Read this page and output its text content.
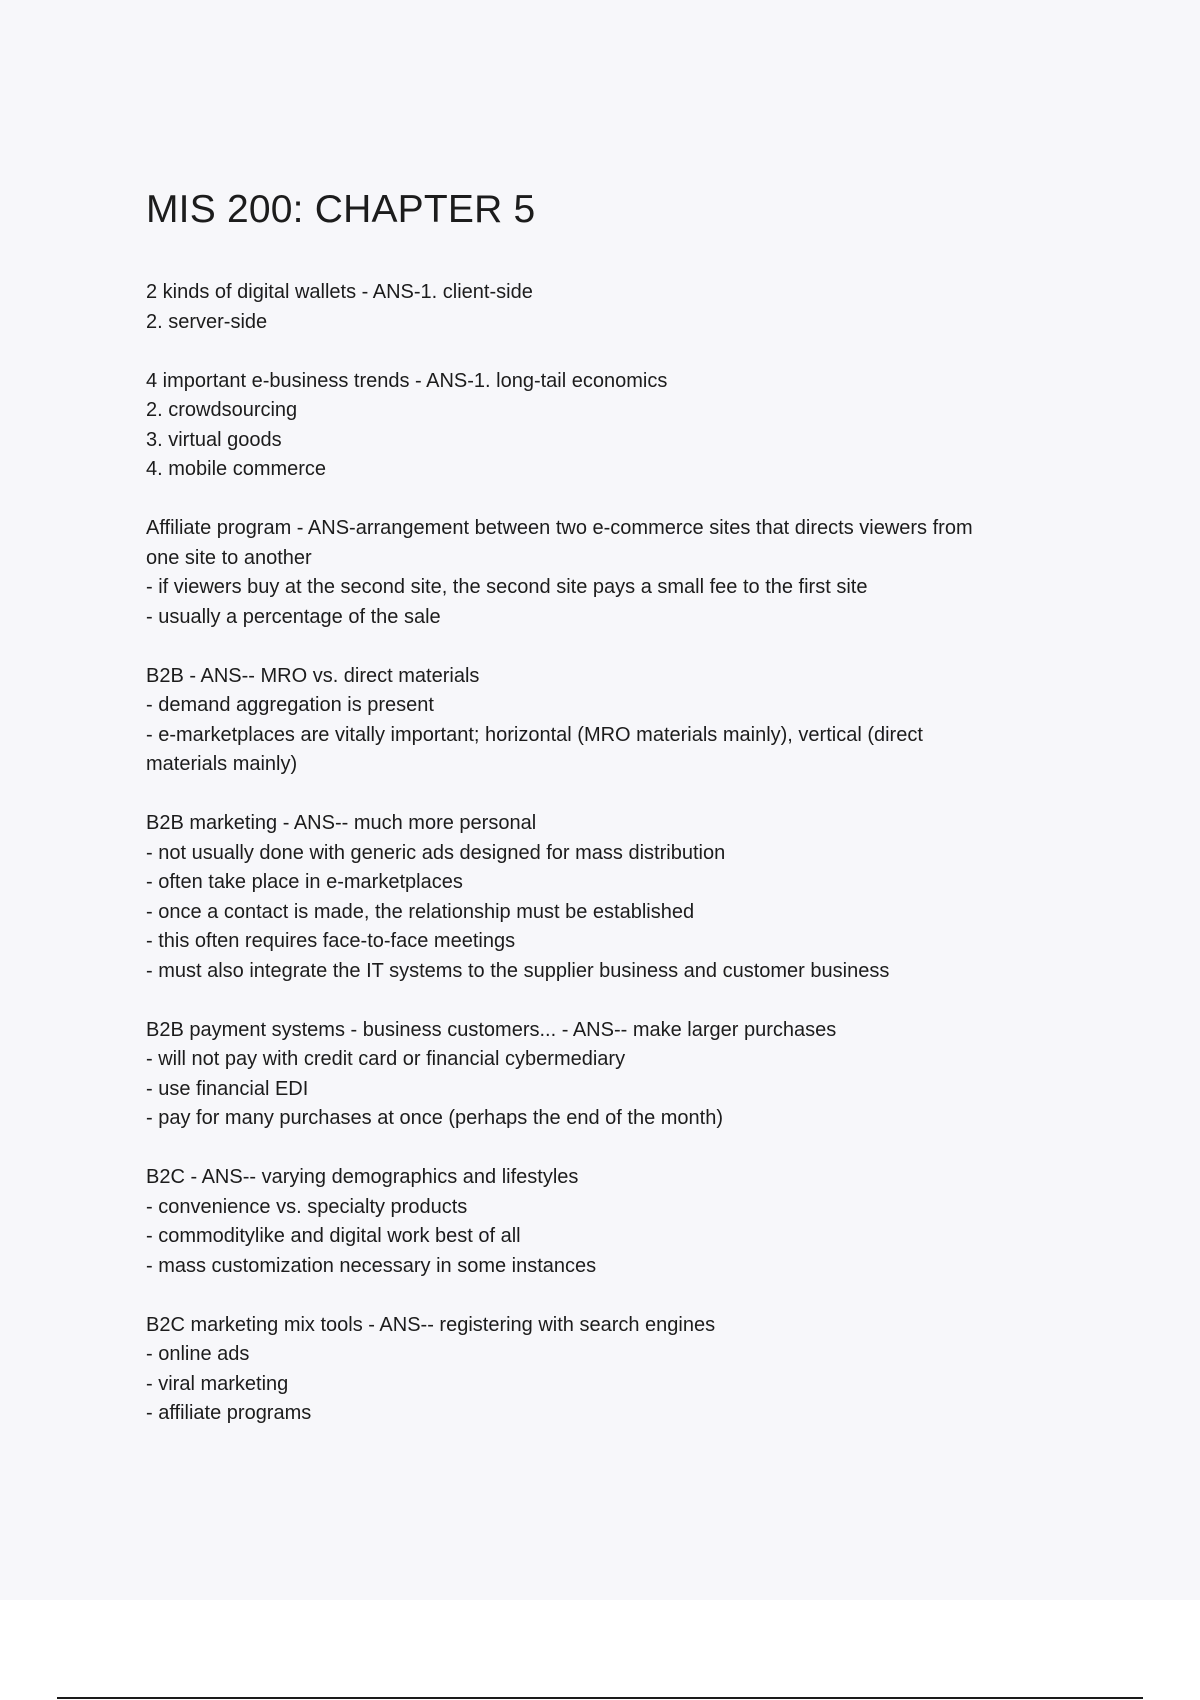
MIS 200: CHAPTER 5
2 kinds of digital wallets - ANS-1. client-side
2. server-side
4 important e-business trends - ANS-1. long-tail economics
2. crowdsourcing
3. virtual goods
4. mobile commerce
Affiliate program - ANS-arrangement between two e-commerce sites that directs viewers from
one site to another
- if viewers buy at the second site, the second site pays a small fee to the first site
- usually a percentage of the sale
B2B - ANS-- MRO vs. direct materials
- demand aggregation is present
- e-marketplaces are vitally important; horizontal (MRO materials mainly), vertical (direct
materials mainly)
B2B marketing - ANS-- much more personal
- not usually done with generic ads designed for mass distribution
- often take place in e-marketplaces
- once a contact is made, the relationship must be established
- this often requires face-to-face meetings
- must also integrate the IT systems to the supplier business and customer business
B2B payment systems - business customers... - ANS-- make larger purchases
- will not pay with credit card or financial cybermediary
- use financial EDI
- pay for many purchases at once (perhaps the end of the month)
B2C - ANS-- varying demographics and lifestyles
- convenience vs. specialty products
- commoditylike and digital work best of all
- mass customization necessary in some instances
B2C marketing mix tools - ANS-- registering with search engines
- online ads
- viral marketing
- affiliate programs
